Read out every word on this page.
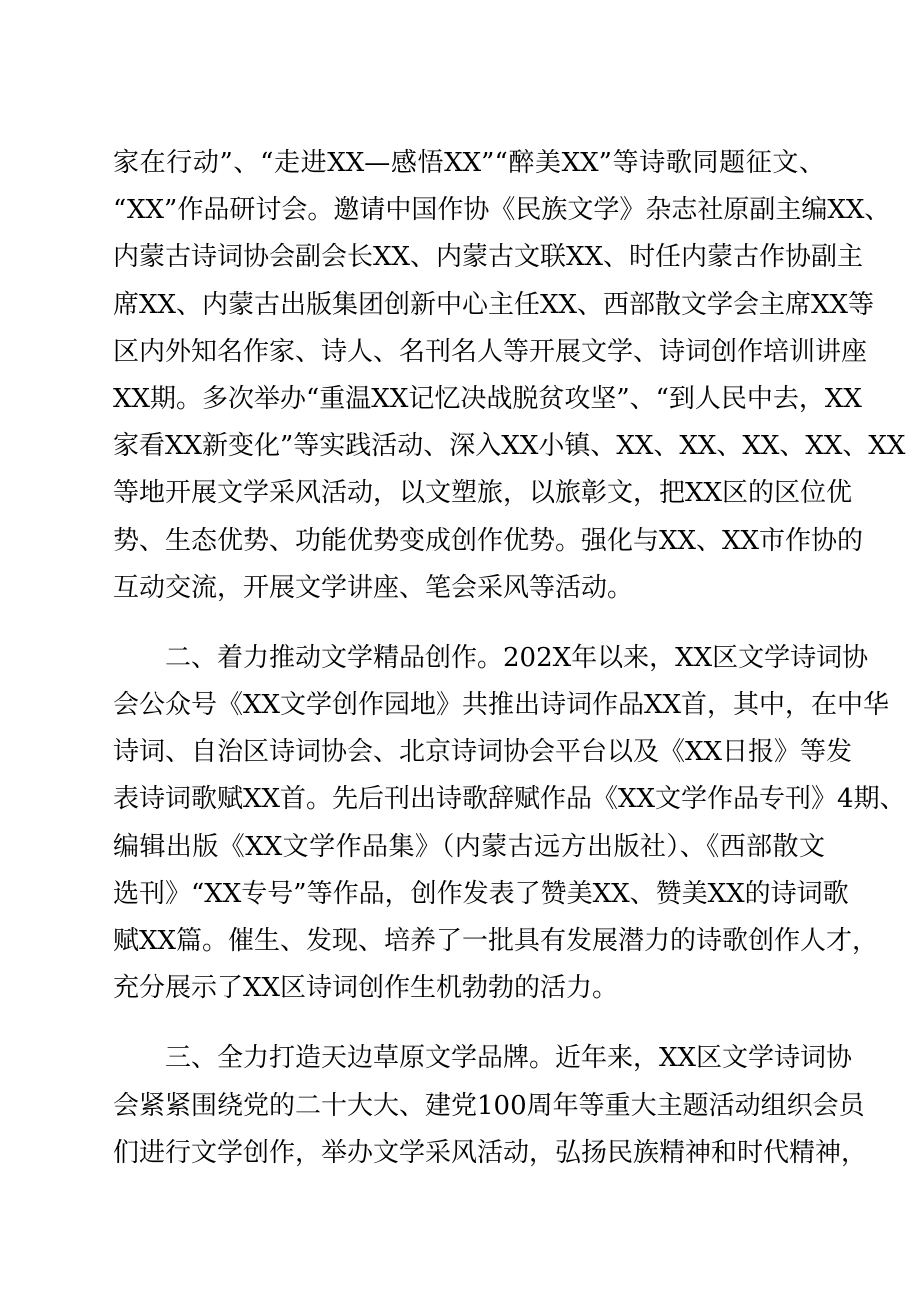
家在行动”、“走进XX—感悟XX”“醉美XX”等诗歌同题征文、
“XX”作品研讨会。邀请中国作协《民族文学》杂志社原副主编XX、
内蒙古诗词协会副会长XX、内蒙古文联XX、时任内蒙古作协副主
席XX、内蒙古出版集团创新中心主任XX、西部散文学会主席XX等
区内外知名作家、诗人、名刊名人等开展文学、诗词创作培训讲座
XX期。多次举办“重温XX记忆决战脱贫攻坚”、“到人民中去，XX
家看XX新变化”等实践活动、深入XX小镇、XX、XX、XX、XX、XX
等地开展文学采风活动，以文塑旅，以旅彰文，把XX区的区位优
势、生态优势、功能优势变成创作优势。强化与XX、XX市作协的
互动交流，开展文学讲座、笔会采风等活动。
二、着力推动文学精品创作。202X年以来，XX区文学诗词协
会公众号《XX文学创作园地》共推出诗词作品XX首，其中，在中华
诗词、自治区诗词协会、北京诗词协会平台以及《XX日报》等发
表诗词歌赋XX首。先后刊出诗歌辞赋作品《XX文学作品专刊》4期、
编辑出版《XX文学作品集》（内蒙古远方出版社）、《西部散文
选刊》“XX专号”等作品，创作发表了赞美XX、赞美XX的诗词歌
赋XX篇。催生、发现、培养了一批具有发展潜力的诗歌创作人才，
充分展示了XX区诗词创作生机勃勃的活力。
三、全力打造天边草原文学品牌。近年来，XX区文学诗词协
会紧紧围绕党的二十大大、建党100周年等重大主题活动组织会员
们进行文学创作，举办文学采风活动，弘扬民族精神和时代精神，
